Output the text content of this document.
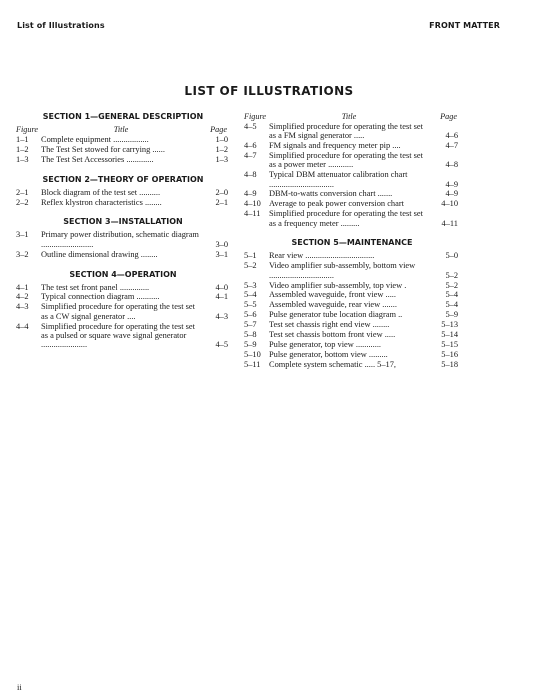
List of Illustrations	FRONT MATTER
LIST OF ILLUSTRATIONS
SECTION 1—GENERAL DESCRIPTION
Figure	Title	Page
1–1 Complete equipment .................	1–0
1–2 The Test Set stowed for carrying ......	1–2
1–3 The Test Set Accessories .............	1–3
SECTION 2—THEORY OF OPERATION
2–1 Block diagram of the test set ..........	2–0
2–2 Reflex klystron characteristics ........	2–1
SECTION 3—INSTALLATION
3–1 Primary power distribution, schematic diagram .........................	3–0
3–2 Outline dimensional drawing ........	3–1
SECTION 4—OPERATION
4–1 The test set front panel ..............	4–0
4–2 Typical connection diagram ...........	4–1
4–3 Simplified procedure for operating the test set as a CW signal generator ....	4–3
4–4 Simplified procedure for operating the test set as a pulsed or square wave signal generator ......................	4–5
Figure	Title	Page
4–5 Simplified procedure for operating the test set as a FM signal generator .....	4–6
4–6 FM signals and frequency meter pip ....	4–7
4–7 Simplified procedure for operating the test set as a power meter ............	4–8
4–8 Typical DBM attenuator calibration chart ...............................	4–9
4–9 DBM-to-watts conversion chart .......	4–9
4–10 Average to peak power conversion chart	4–10
4–11 Simplified procedure for operating the test set as a frequency meter .........	4–11
SECTION 5—MAINTENANCE
5–1 Rear view .................................	5–0
5–2 Video amplifier sub-assembly, bottom view ...............................	5–2
5–3 Video amplifier sub-assembly, top view .	5–2
5–4 Assembled waveguide, front view .....	5–4
5–5 Assembled waveguide, rear view .......	5–4
5–6 Pulse generator tube location diagram ..	5–9
5–7 Test set chassis right end view ........	5–13
5–8 Test set chassis bottom front view .....	5–14
5–9 Pulse generator, top view ............	5–15
5–10 Pulse generator, bottom view .........	5–16
5–11 Complete system schematic ..... 5–17,	5–18
ii
